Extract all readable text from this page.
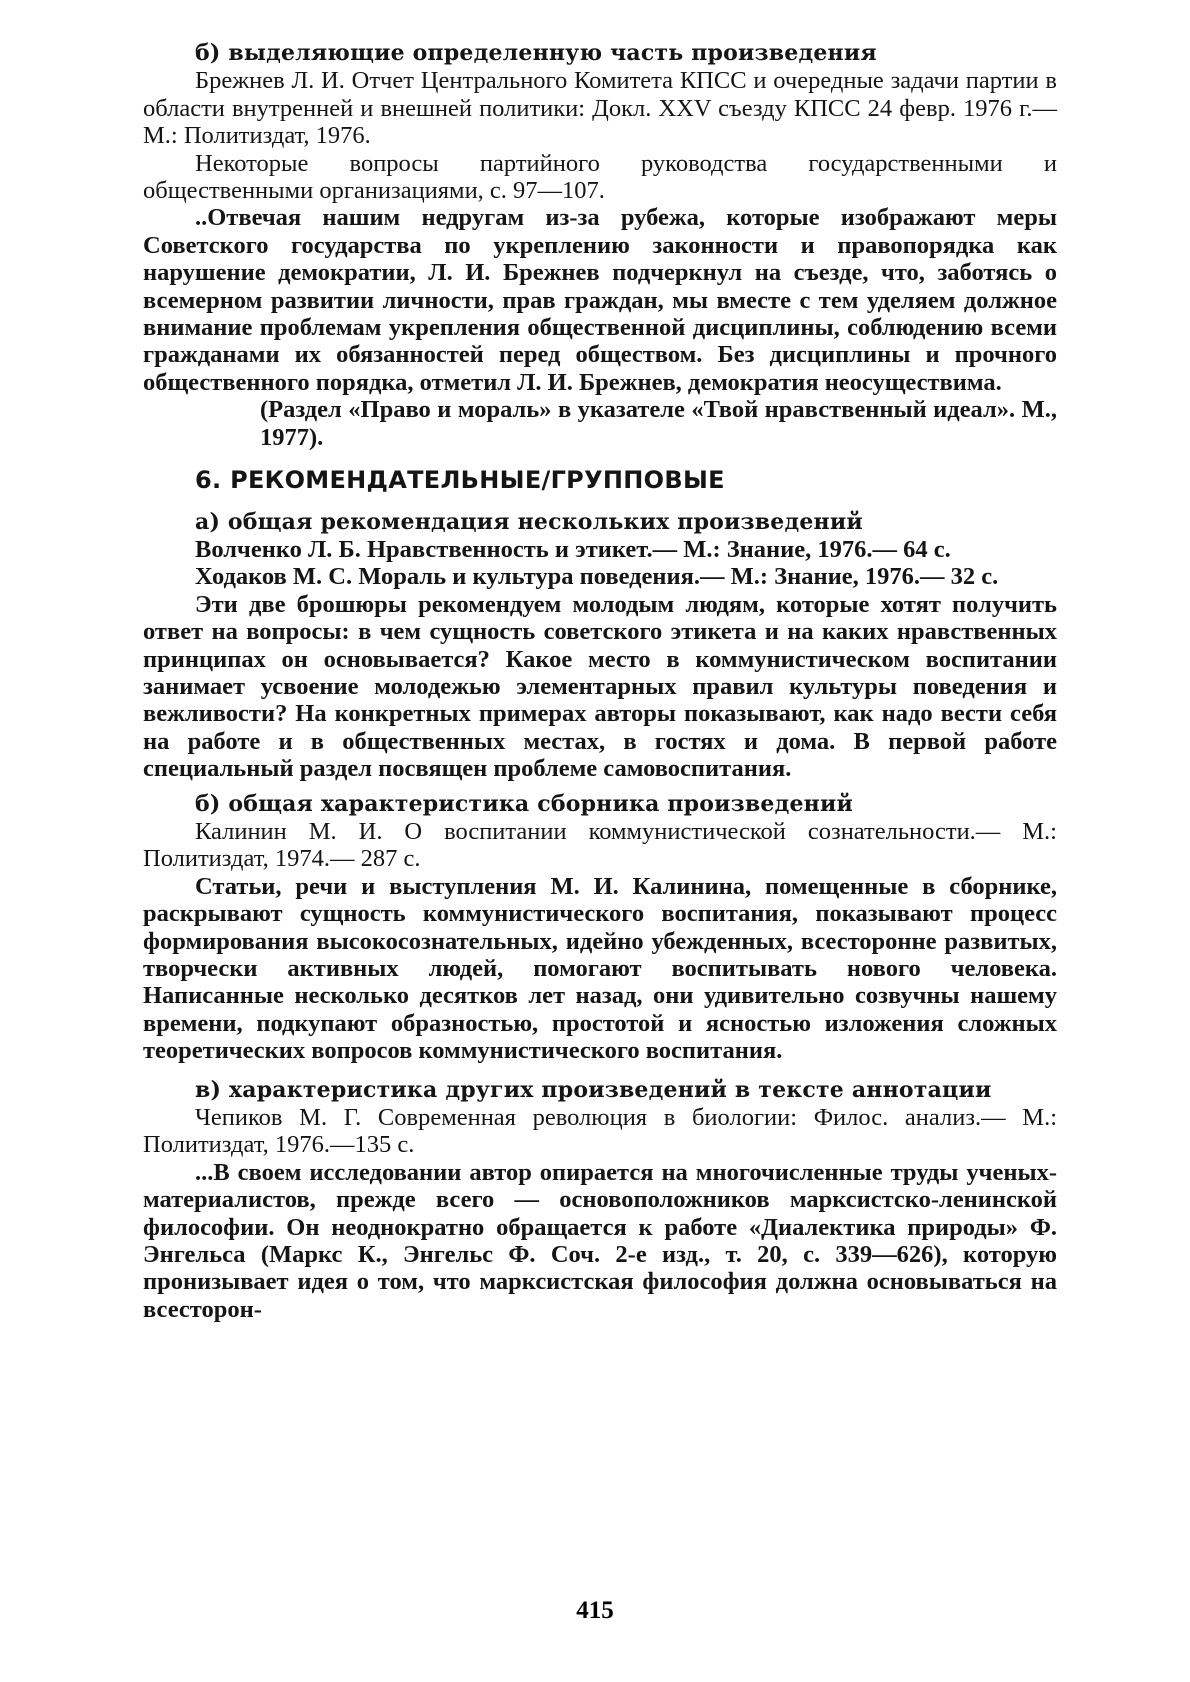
б) выделяющие определенную часть произведения

Брежнев Л. И. Отчет Центрального Комитета КПСС и очередные задачи партии в области внутренней и внешней политики: Докл. XXV съезду КПСС 24 февр. 1976 г.— М.: Политиздат, 1976.

Некоторые вопросы партийного руководства государственными и общественными организациями, с. 97—107.

..Отвечая нашим недругам из-за рубежа, которые изображают меры Советского государства по укреплению законности и правопорядка как нарушение демократии, Л. И. Брежнев подчеркнул на съезде, что, заботясь о всемерном развитии личности, прав граждан, мы вместе с тем уделяем должное внимание проблемам укрепления общественной дисциплины, соблюдению всеми гражданами их обязанностей перед обществом. Без дисциплины и прочного общественного порядка, отметил Л. И. Брежнев, демократия неосуществима.

(Раздел «Право и мораль» в указателе «Твой нравственный идеал». М., 1977).

6. РЕКОМЕНДАТЕЛЬНЫЕ/ГРУППОВЫЕ

а) общая рекомендация нескольких произведений

Волченко Л. Б. Нравственность и этикет.— М.: Знание, 1976.— 64 с.

Ходаков М. С. Мораль и культура поведения.— М.: Знание, 1976.— 32 с.

Эти две брошюры рекомендуем молодым людям, которые хотят получить ответ на вопросы: в чем сущность советского этикета и на каких нравственных принципах он основывается? Какое место в коммунистическом воспитании занимает усвоение молодежью элементарных правил культуры поведения и вежливости? На конкретных примерах авторы показывают, как надо вести себя на работе и в общественных местах, в гостях и дома. В первой работе специальный раздел посвящен проблеме самовоспитания.

б) общая характеристика сборника произведений

Калинин М. И. О воспитании коммунистической сознательности.— М.: Политиздат, 1974.— 287 с.

Статьи, речи и выступления М. И. Калинина, помещенные в сборнике, раскрывают сущность коммунистического воспитания, показывают процесс формирования высокосознательных, идейно убежденных, всесторонне развитых, творчески активных людей, помогают воспитывать нового человека. Написанные несколько десятков лет назад, они удивительно созвучны нашему времени, подкупают образностью, простотой и ясностью изложения сложных теоретических вопросов коммунистического воспитания.

в) характеристика других произведений в тексте аннотации

Чепиков М. Г. Современная революция в биологии: Филос. анализ.— М.: Политиздат, 1976.—135 с.

...В своем исследовании автор опирается на многочисленные труды ученых-материалистов, прежде всего — основоположников марксистско-ленинской философии. Он неоднократно обращается к работе «Диалектика природы» Ф. Энгельса (Маркс К., Энгельс Ф. Соч. 2-е изд., т. 20, с. 339—626), которую пронизывает идея о том, что марксистская философия должна основываться на всесторон-

415
